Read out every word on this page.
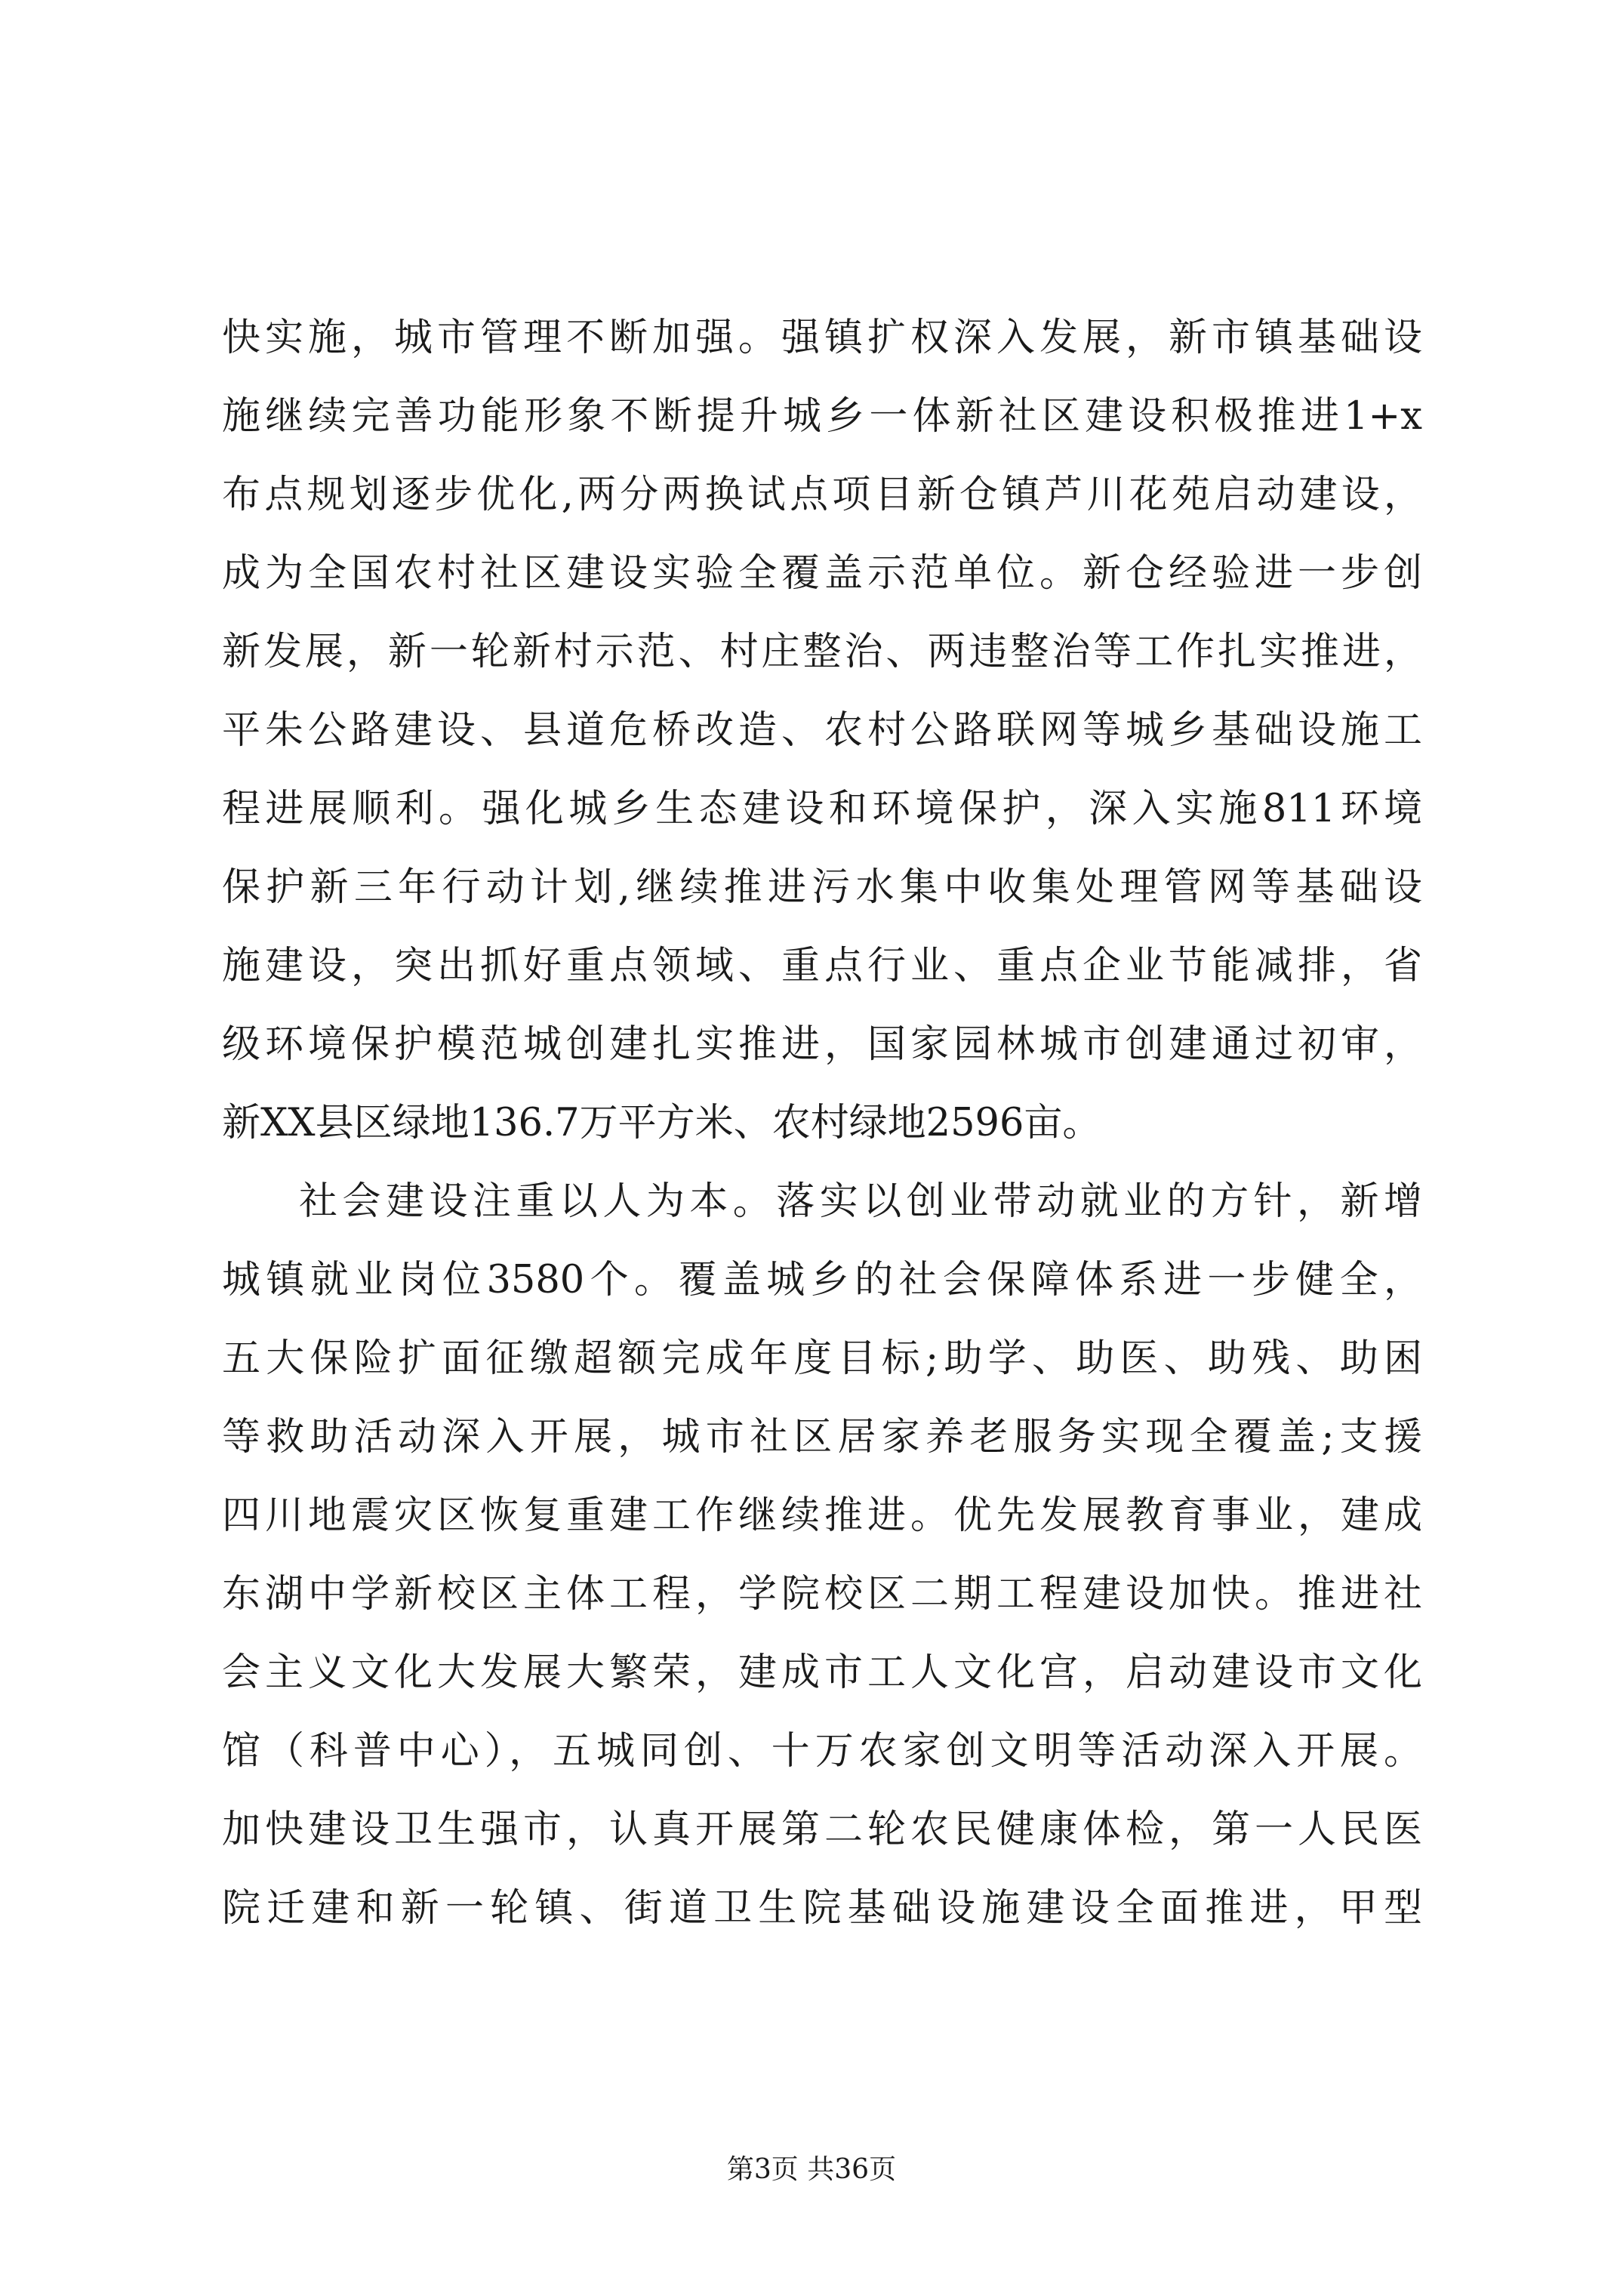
快实施，城市管理不断加强。强镇扩权深入发展，新市镇基础设
施继续完善功能形象不断提升城乡一体新社区建设积极推进1+x
布点规划逐步优化,两分两换试点项目新仓镇芦川花苑启动建设，
成为全国农村社区建设实验全覆盖示范单位。新仓经验进一步创
新发展，新一轮新村示范、村庄整治、两违整治等工作扎实推进，
平朱公路建设、县道危桥改造、农村公路联网等城乡基础设施工
程进展顺利。强化城乡生态建设和环境保护，深入实施811环境
保护新三年行动计划,继续推进污水集中收集处理管网等基础设
施建设，突出抓好重点领域、重点行业、重点企业节能减排，省
级环境保护模范城创建扎实推进，国家园林城市创建通过初审，
新XX县区绿地136.7万平方米、农村绿地2596亩。
社会建设注重以人为本。落实以创业带动就业的方针，新增
城镇就业岗位3580个。覆盖城乡的社会保障体系进一步健全，
五大保险扩面征缴超额完成年度目标;助学、助医、助残、助困
等救助活动深入开展，城市社区居家养老服务实现全覆盖;支援
四川地震灾区恢复重建工作继续推进。优先发展教育事业，建成
东湖中学新校区主体工程，学院校区二期工程建设加快。推进社
会主义文化大发展大繁荣，建成市工人文化宫，启动建设市文化
馆（科普中心），五城同创、十万农家创文明等活动深入开展。
加快建设卫生强市，认真开展第二轮农民健康体检，第一人民医
院迁建和新一轮镇、街道卫生院基础设施建设全面推进，甲型
第3页 共36页
